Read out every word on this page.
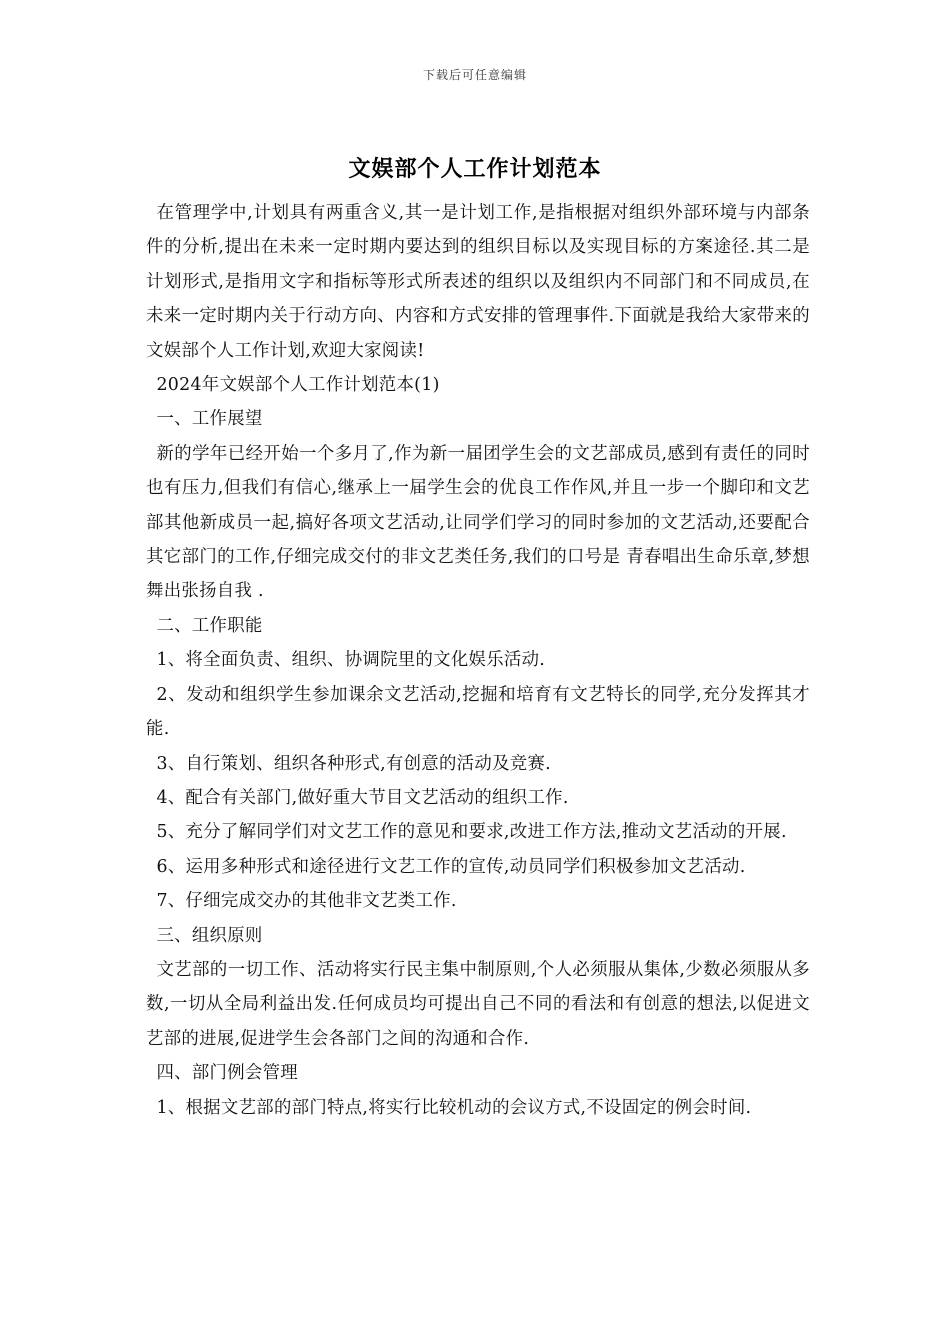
下载后可任意编辑
文娱部个人工作计划范本

在管理学中,计划具有两重含义,其一是计划工作,是指根据对组织外部环境与内部条件的分析,提出在未来一定时期内要达到的组织目标以及实现目标的方案途径.其二是计划形式,是指用文字和指标等形式所表述的组织以及组织内不同部门和不同成员,在未来一定时期内关于行动方向、内容和方式安排的管理事件.下面就是我给大家带来的文娱部个人工作计划,欢迎大家阅读!

2024年文娱部个人工作计划范本(1)

一、工作展望

新的学年已经开始一个多月了,作为新一届团学生会的文艺部成员,感到有责任的同时也有压力,但我们有信心,继承上一届学生会的优良工作作风,并且一步一个脚印和文艺部其他新成员一起,搞好各项文艺活动,让同学们学习的同时参加的文艺活动,还要配合其它部门的工作,仔细完成交付的非文艺类任务,我们的口号是 青春唱出生命乐章,梦想舞出张扬自我 .

二、工作职能

1、将全面负责、组织、协调院里的文化娱乐活动.

2、发动和组织学生参加课余文艺活动,挖掘和培育有文艺特长的同学,充分发挥其才能.

3、自行策划、组织各种形式,有创意的活动及竞赛.

4、配合有关部门,做好重大节目文艺活动的组织工作.

5、充分了解同学们对文艺工作的意见和要求,改进工作方法,推动文艺活动的开展.

6、运用多种形式和途径进行文艺工作的宣传,动员同学们积极参加文艺活动.

7、仔细完成交办的其他非文艺类工作.

三、组织原则

文艺部的一切工作、活动将实行民主集中制原则,个人必须服从集体,少数必须服从多数,一切从全局利益出发.任何成员均可提出自己不同的看法和有创意的想法,以促进文艺部的进展,促进学生会各部门之间的沟通和合作.

四、部门例会管理

1、根据文艺部的部门特点,将实行比较机动的会议方式,不设固定的例会时间.
